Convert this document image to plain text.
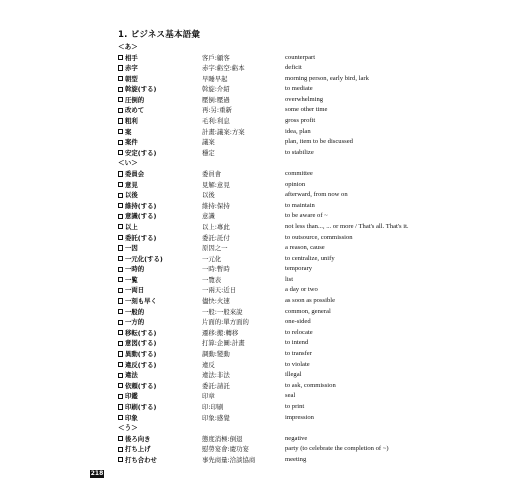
1. ビジネス基本語彙
＜あ＞
相手	客戶:顧客	counterpart
赤字	赤字:虧空:虧本	deficit
朝型	早睡早起	morning person, early bird, lark
斡旋(する)	斡旋:介紹	to mediate
圧倒的	壓倒:壓過	overwhelming
改めて	再:另:重新	some other time
粗利	毛利:利息	gross profit
案	計畫:議案:方案	idea, plan
案件	議案	plan, item to be discussed
安定(する)	穩定	to stabilize
＜い＞
委員会	委員會	committee
意見	見解:意見	opinion
以後	以後	afterward, from now on
維持(する)	維持:保持	to maintain
意識(する)	意識	to be aware of ~
以上	以上:專此	not less than..., ... or more / That's all. That's it.
委託(する)	委託:託付	to outsource, commission
一因	原因之一	a reason, cause
一元化(する)	一元化	to centralize, unify
一時的	一時:暫時	temporary
一覧	一覽表	list
一両日	一兩天:近日	a day or two
一刻も早く	儘快:火速	as soon as possible
一般的	一般:一般來說	common, general
一方的	片面的:單方面的	one-sided
移転(する)	遷移:搬:轉移	to relocate
意図(する)	打算:企圖:計畫	to intend
異動(する)	調動:變動	to transfer
違反(する)	違反	to violate
違法	違法:非法	illegal
依頼(する)	委託:請託	to ask, commission
印鑑	印章	seal
印刷(する)	印:印刷	to print
印象	印象:感覺	impression
＜う＞
後ろ向き	態度消極:倒退	negative
打ち上げ	慰勞宴會:慶功宴	party (to celebrate the completion of ~)
打ち合わせ	事先商量:洽談協商	meeting
218
